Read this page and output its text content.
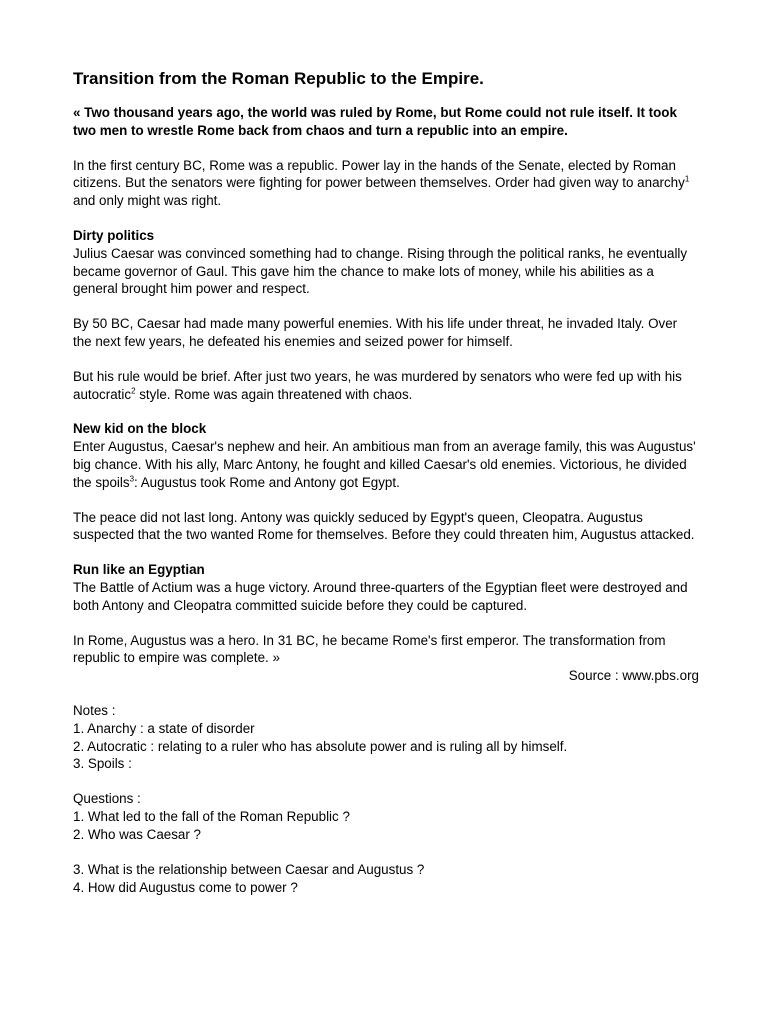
Transition from the Roman Republic to the Empire.

« Two thousand years ago, the world was ruled by Rome, but Rome could not rule itself. It took two men to wrestle Rome back from chaos and turn a republic into an empire.

In the first century BC, Rome was a republic. Power lay in the hands of the Senate, elected by Roman citizens. But the senators were fighting for power between themselves. Order had given way to anarchy$^1$ and only might was right.

Dirty politics
Julius Caesar was convinced something had to change. Rising through the political ranks, he eventually became governor of Gaul. This gave him the chance to make lots of money, while his abilities as a general brought him power and respect.

By 50 BC, Caesar had made many powerful enemies. With his life under threat, he invaded Italy. Over the next few years, he defeated his enemies and seized power for himself.

But his rule would be brief. After just two years, he was murdered by senators who were fed up with his autocratic$^2$ style. Rome was again threatened with chaos.

New kid on the block
Enter Augustus, Caesar's nephew and heir. An ambitious man from an average family, this was Augustus' big chance. With his ally, Marc Antony, he fought and killed Caesar's old enemies. Victorious, he divided the spoils$^3$: Augustus took Rome and Antony got Egypt.

The peace did not last long. Antony was quickly seduced by Egypt's queen, Cleopatra. Augustus suspected that the two wanted Rome for themselves. Before they could threaten him, Augustus attacked.

Run like an Egyptian
The Battle of Actium was a huge victory. Around three-quarters of the Egyptian fleet were destroyed and both Antony and Cleopatra committed suicide before they could be captured.

In Rome, Augustus was a hero. In 31 BC, he became Rome's first emperor. The transformation from republic to empire was complete. »
Source : www.pbs.org
Notes :
1. Anarchy : a state of disorder
2. Autocratic : relating to a ruler who has absolute power and is ruling all by himself.
3. Spoils :
Questions :
1. What led to the fall of the Roman Republic ?
2. Who was Caesar ?
3. What is the relationship between Caesar and Augustus ?
4. How did Augustus come to power ?
